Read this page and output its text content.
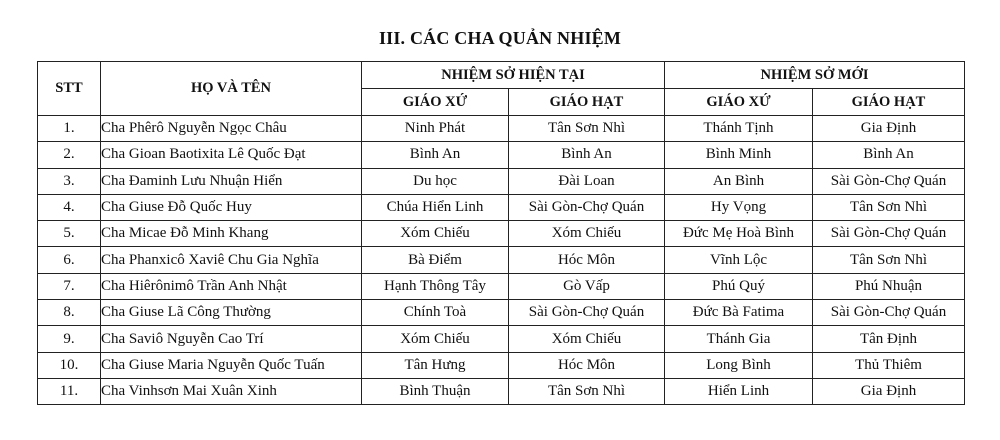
III. CÁC CHA QUẢN NHIỆM
STT	HỌ VÀ TÊN	NHIỆM SỞ HIỆN TẠI		NHIỆM SỞ MỚI	
		GIÁO XỨ	GIÁO HẠT	GIÁO XỨ	GIÁO HẠT
1.	Cha Phêrô Nguyễn Ngọc Châu	Ninh Phát	Tân Sơn Nhì	Thánh Tịnh	Gia Định
2.	Cha Gioan Baotixita Lê Quốc Đạt	Bình An	Bình An	Bình Minh	Bình An
3.	Cha Đaminh Lưu Nhuận Hiển	Du học	Đài Loan	An Bình	Sài Gòn-Chợ Quán
4.	Cha Giuse Đỗ Quốc Huy	Chúa Hiển Linh	Sài Gòn-Chợ Quán	Hy Vọng	Tân Sơn Nhì
5.	Cha Micae Đỗ Minh Khang	Xóm Chiếu	Xóm Chiếu	Đức Mẹ Hoà Bình	Sài Gòn-Chợ Quán
6.	Cha Phanxicô Xaviê Chu Gia Nghĩa	Bà Điểm	Hóc Môn	Vĩnh Lộc	Tân Sơn Nhì
7.	Cha Hiêrônimô Trần Anh Nhật	Hạnh Thông Tây	Gò Vấp	Phú Quý	Phú Nhuận
8.	Cha Giuse Lã Công Thường	Chính Toà	Sài Gòn-Chợ Quán	Đức Bà Fatima	Sài Gòn-Chợ Quán
9.	Cha Saviô Nguyễn Cao Trí	Xóm Chiếu	Xóm Chiếu	Thánh Gia	Tân Định
10.	Cha Giuse Maria Nguyễn Quốc Tuấn	Tân Hưng	Hóc Môn	Long Bình	Thủ Thiêm
11.	Cha Vinhsơn Mai Xuân Xinh	Bình Thuận	Tân Sơn Nhì	Hiển Linh	Gia Định
